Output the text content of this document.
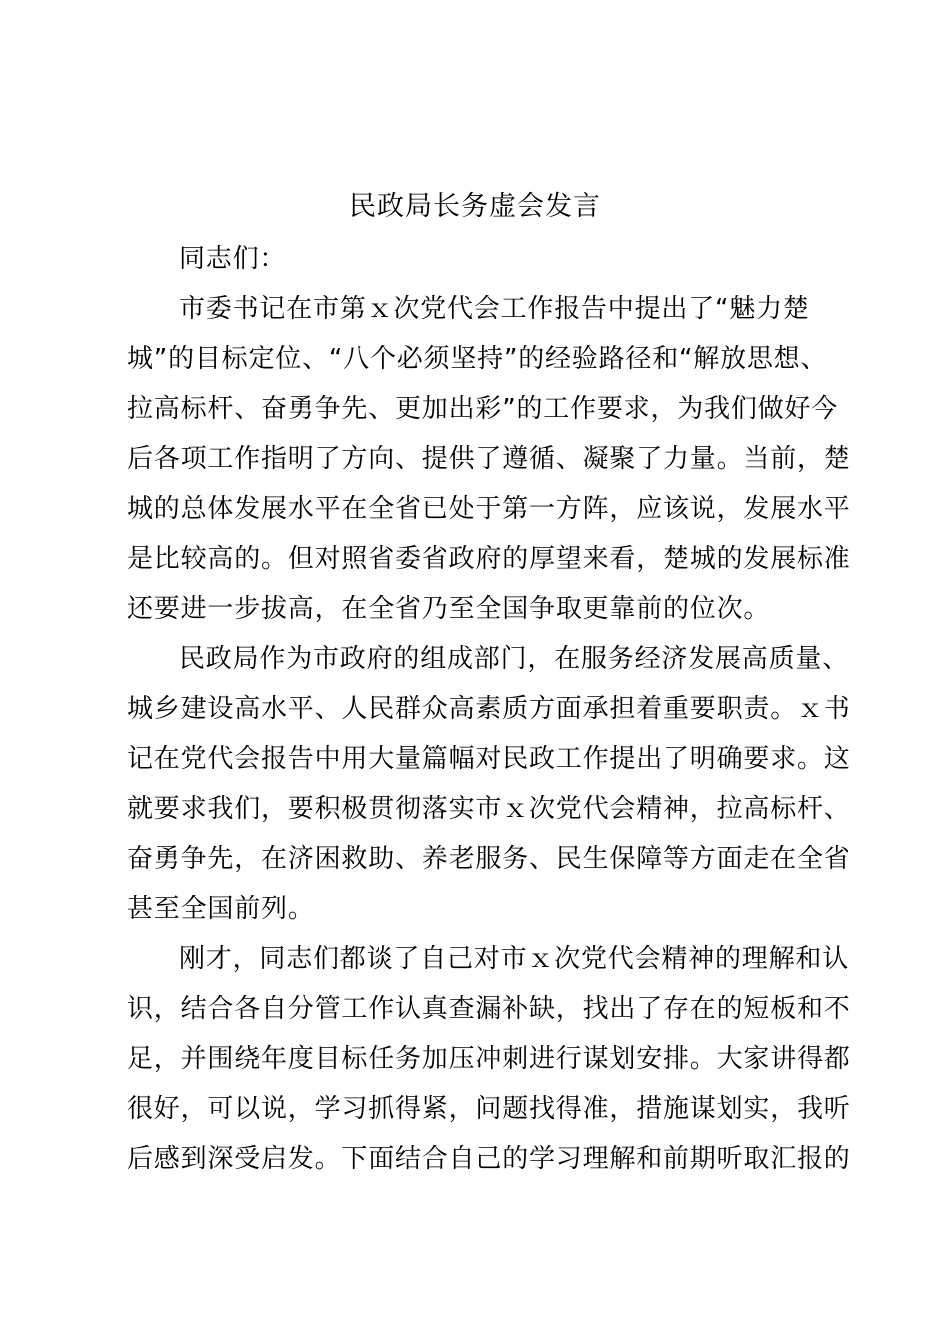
民政局长务虚会发言

同志们：

市委书记在市第ｘ次党代会工作报告中提出了“魅力楚
城”的目标定位、“八个必须坚持”的经验路径和“解放思想、
拉高标杆、奋勇争先、更加出彩”的工作要求，为我们做好今
后各项工作指明了方向、提供了遵循、凝聚了力量。当前，楚
城的总体发展水平在全省已处于第一方阵，应该说，发展水平
是比较高的。但对照省委省政府的厚望来看，楚城的发展标准
还要进一步拔高，在全省乃至全国争取更靠前的位次。

民政局作为市政府的组成部门，在服务经济发展高质量、
城乡建设高水平、人民群众高素质方面承担着重要职责。ｘ书
记在党代会报告中用大量篇幅对民政工作提出了明确要求。这
就要求我们，要积极贯彻落实市ｘ次党代会精神，拉高标杆、
奋勇争先，在济困救助、养老服务、民生保障等方面走在全省
甚至全国前列。

刚才，同志们都谈了自己对市ｘ次党代会精神的理解和认
识，结合各自分管工作认真查漏补缺，找出了存在的短板和不
足，并围绕年度目标任务加压冲刺进行谋划安排。大家讲得都
很好，可以说，学习抓得紧，问题找得准，措施谋划实，我听
后感到深受启发。下面结合自己的学习理解和前期听取汇报的
